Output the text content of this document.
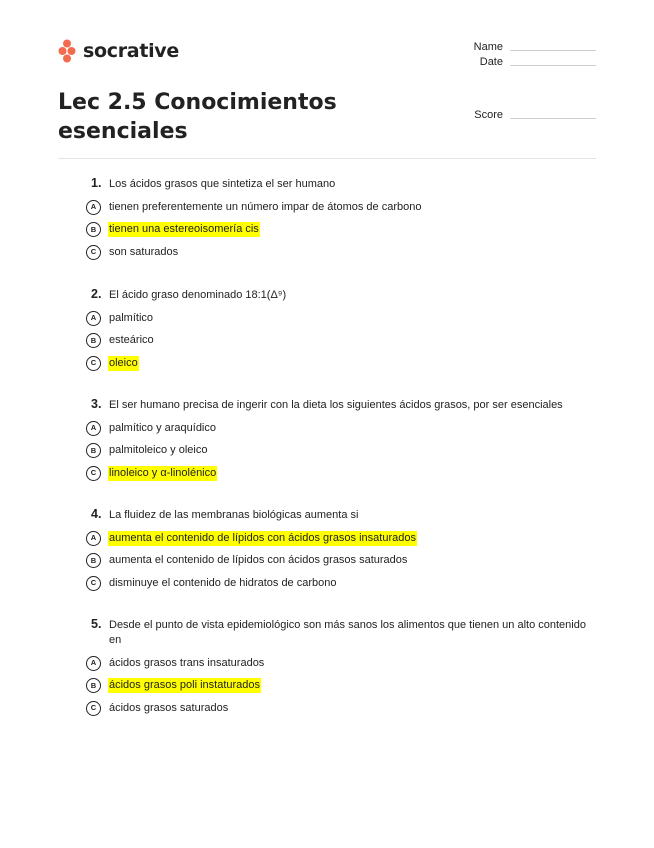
socrative	Name
Date
Score
Lec 2.5 Conocimientos esenciales
1. Los ácidos grasos que sintetiza el ser humano
A	tienen preferentemente un número impar de átomos de carbono
B	tienen una estereoisomería cis
C	son saturados
2. El ácido graso denominado 18:1(Δ⁹)
A	palmítico
B	esteárico
C	oleico
3. El ser humano precisa de ingerir con la dieta los siguientes ácidos grasos, por ser esenciales
A	palmítico y araquídico
B	palmitoleico y oleico
C	linoleico y α-linolénico
4. La fluidez de las membranas biológicas aumenta si
A	aumenta el contenido de lípidos con ácidos grasos insaturados
B	aumenta el contenido de lípidos con ácidos grasos saturados
C	disminuye el contenido de hidratos de carbono
5. Desde el punto de vista epidemiológico son más sanos los alimentos que tienen un alto contenido en
A	ácidos grasos trans insaturados
B	ácidos grasos poli instaturados
C	ácidos grasos saturados
